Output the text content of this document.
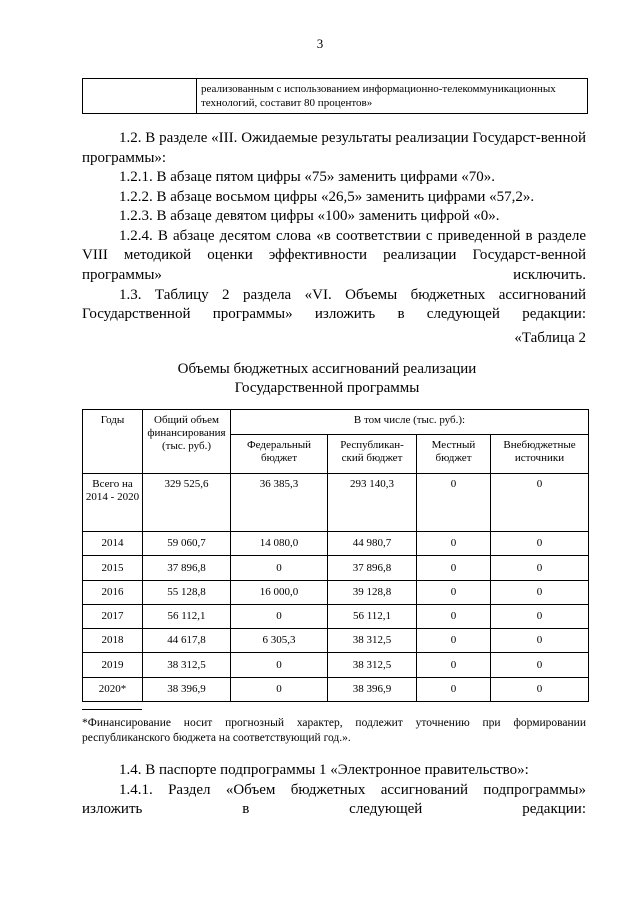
3
	реализованным с использованием информационно-телекоммуникационных технологий, составит 80 процентов»
1.2. В разделе «III. Ожидаемые результаты реализации Государст-венной программы»:
1.2.1. В абзаце пятом цифры «75» заменить цифрами «70».
1.2.2. В абзаце восьмом цифры «26,5» заменить цифрами «57,2».
1.2.3. В абзаце девятом цифры «100» заменить цифрой «0».
1.2.4. В абзаце десятом слова «в соответствии с приведенной в разделе VIII методикой оценки эффективности реализации Государст-венной программы» исключить.
1.3. Таблицу 2 раздела «VI. Объемы бюджетных ассигнований Государственной программы» изложить в следующей редакции:
«Таблица 2
Объемы бюджетных ассигнований реализации
Государственной программы
Годы	Общий объем финансирования (тыс. руб.)	В том числе (тыс. руб.):			
		Федеральный бюджет	Республикан-ский бюджет	Местный бюджет	Внебюджетные источники
Всего на 2014 - 2020	329 525,6	36 385,3	293 140,3	0	0
2014	59 060,7	14 080,0	44 980,7	0	0
2015	37 896,8	0	37 896,8	0	0
2016	55 128,8	16 000,0	39 128,8	0	0
2017	56 112,1	0	56 112,1	0	0
2018	44 617,8	6 305,3	38 312,5	0	0
2019	38 312,5	0	38 312,5	0	0
2020*	38 396,9	0	38 396,9	0	0
*Финансирование носит прогнозный характер, подлежит уточнению при формировании республиканского бюджета на соответствующий год.».
1.4. В паспорте подпрограммы 1 «Электронное правительство»:
1.4.1. Раздел «Объем бюджетных ассигнований подпрограммы» изложить в следующей редакции:
